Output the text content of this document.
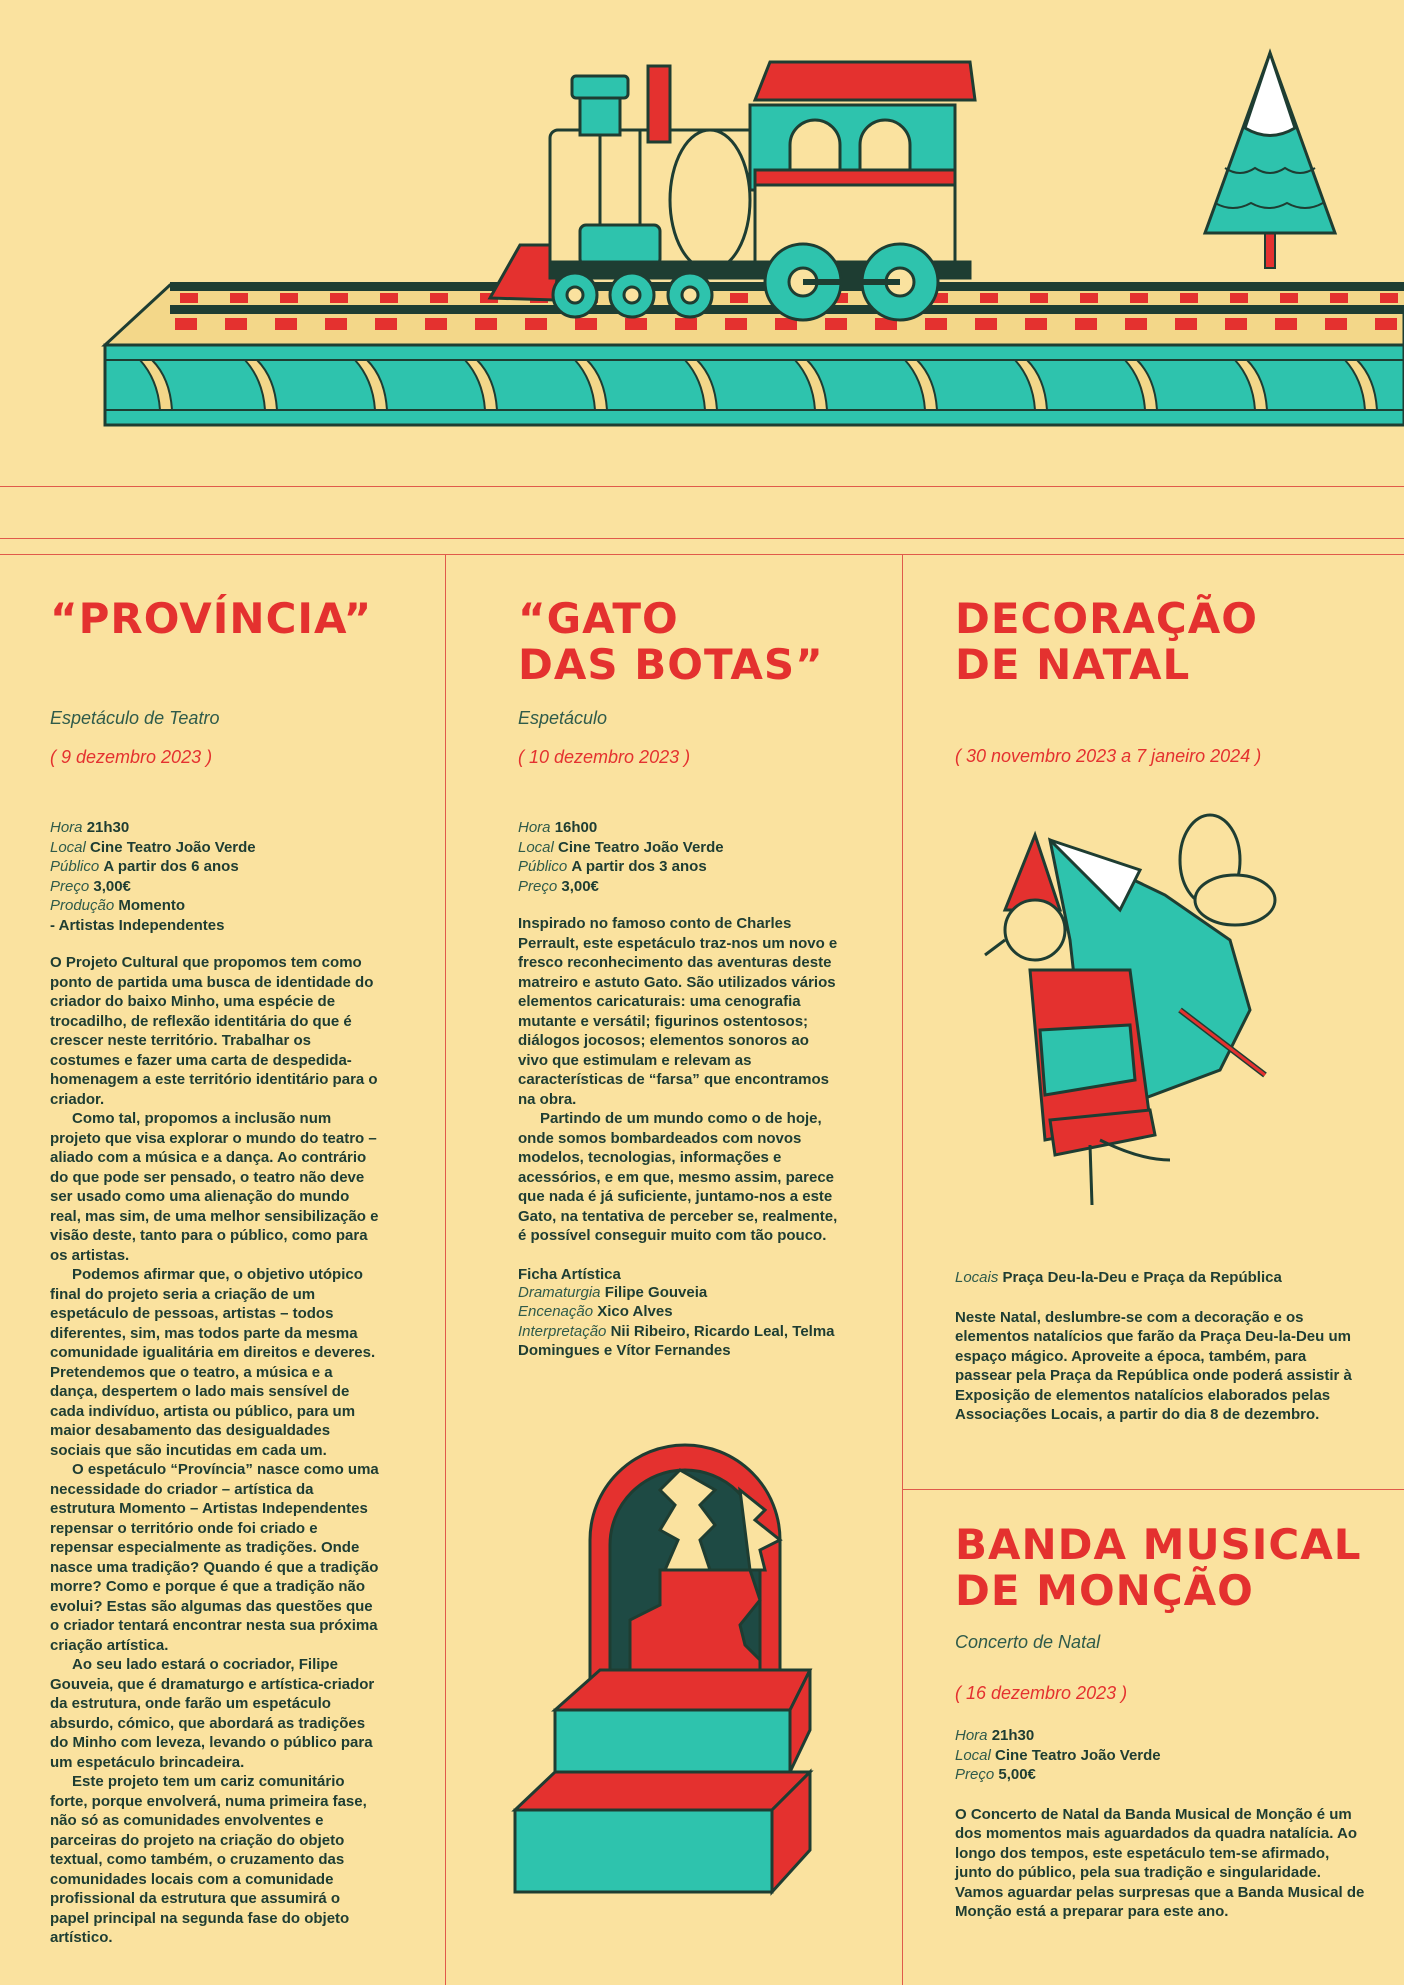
“PROVÍNCIA”

Espetáculo de Teatro

( 9 dezembro 2023 )

Hora 21h30
Local Cine Teatro João Verde
Público A partir dos 6 anos
Preço 3,00€
Produção Momento
- Artistas Independentes

O Projeto Cultural que propomos tem como ponto de partida uma busca de identidade do criador do baixo Minho, uma espécie de trocadilho, de reflexão identitária do que é crescer neste território. Trabalhar os costumes e fazer uma carta de despedida-homenagem a este território identitário para o criador.

Como tal, propomos a inclusão num projeto que visa explorar o mundo do teatro – aliado com a música e a dança. Ao contrário do que pode ser pensado, o teatro não deve ser usado como uma alienação do mundo real, mas sim, de uma melhor sensibilização e visão deste, tanto para o público, como para os artistas.

Podemos afirmar que, o objetivo utópico final do projeto seria a criação de um espetáculo de pessoas, artistas – todos diferentes, sim, mas todos parte da mesma comunidade igualitária em direitos e deveres. Pretendemos que o teatro, a música e a dança, despertem o lado mais sensível de cada indivíduo, artista ou público, para um maior desabamento das desigualdades sociais que são incutidas em cada um.

O espetáculo “Província” nasce como uma necessidade do criador – artística da estrutura Momento – Artistas Independentes repensar o território onde foi criado e repensar especialmente as tradições. Onde nasce uma tradição? Quando é que a tradição morre? Como e porque é que a tradição não evolui? Estas são algumas das questões que o criador tentará encontrar nesta sua próxima criação artística.

Ao seu lado estará o cocriador, Filipe Gouveia, que é dramaturgo e artística-criador da estrutura, onde farão um espetáculo absurdo, cómico, que abordará as tradições do Minho com leveza, levando o público para um espetáculo brincadeira.

Este projeto tem um cariz comunitário forte, porque envolverá, numa primeira fase, não só as comunidades envolventes e parceiras do projeto na criação do objeto textual, como também, o cruzamento das comunidades locais com a comunidade profissional da estrutura que assumirá o papel principal na segunda fase do objeto artístico.

“GATO
DAS BOTAS”

Espetáculo

( 10 dezembro 2023 )

Hora 16h00
Local Cine Teatro João Verde
Público A partir dos 3 anos
Preço 3,00€

Inspirado no famoso conto de Charles Perrault, este espetáculo traz-nos um novo e fresco reconhecimento das aventuras deste matreiro e astuto Gato. São utilizados vários elementos caricaturais: uma cenografia mutante e versátil; figurinos ostentosos; diálogos jocosos; elementos sonoros ao vivo que estimulam e relevam as características de “farsa” que encontramos na obra.

Partindo de um mundo como o de hoje, onde somos bombardeados com novos modelos, tecnologias, informações e acessórios, e em que, mesmo assim, parece que nada é já suficiente, juntamo-nos a este Gato, na tentativa de perceber se, realmente, é possível conseguir muito com tão pouco.

Ficha Artística

Dramaturgia Filipe Gouveia
Encenação Xico Alves
Interpretação Nii Ribeiro, Ricardo Leal, Telma Domingues e Vítor Fernandes
DECORAÇÃO
DE NATAL

( 30 novembro 2023 a 7 janeiro 2024 )

Locais Praça Deu-la-Deu e Praça da República

Neste Natal, deslumbre-se com a decoração e os elementos natalícios que farão da Praça Deu-la-Deu um espaço mágico. Aproveite a época, também, para passear pela Praça da República onde poderá assistir à Exposição de elementos natalícios elaborados pelas Associações Locais, a partir do dia 8 de dezembro.

BANDA MUSICAL
DE MONÇÃO

Concerto de Natal

( 16 dezembro 2023 )

Hora 21h30
Local Cine Teatro João Verde
Preço 5,00€

O Concerto de Natal da Banda Musical de Monção é um dos momentos mais aguardados da quadra natalícia. Ao longo dos tempos, este espetáculo tem-se afirmado, junto do público, pela sua tradição e singularidade. Vamos aguardar pelas surpresas que a Banda Musical de Monção está a preparar para este ano.
